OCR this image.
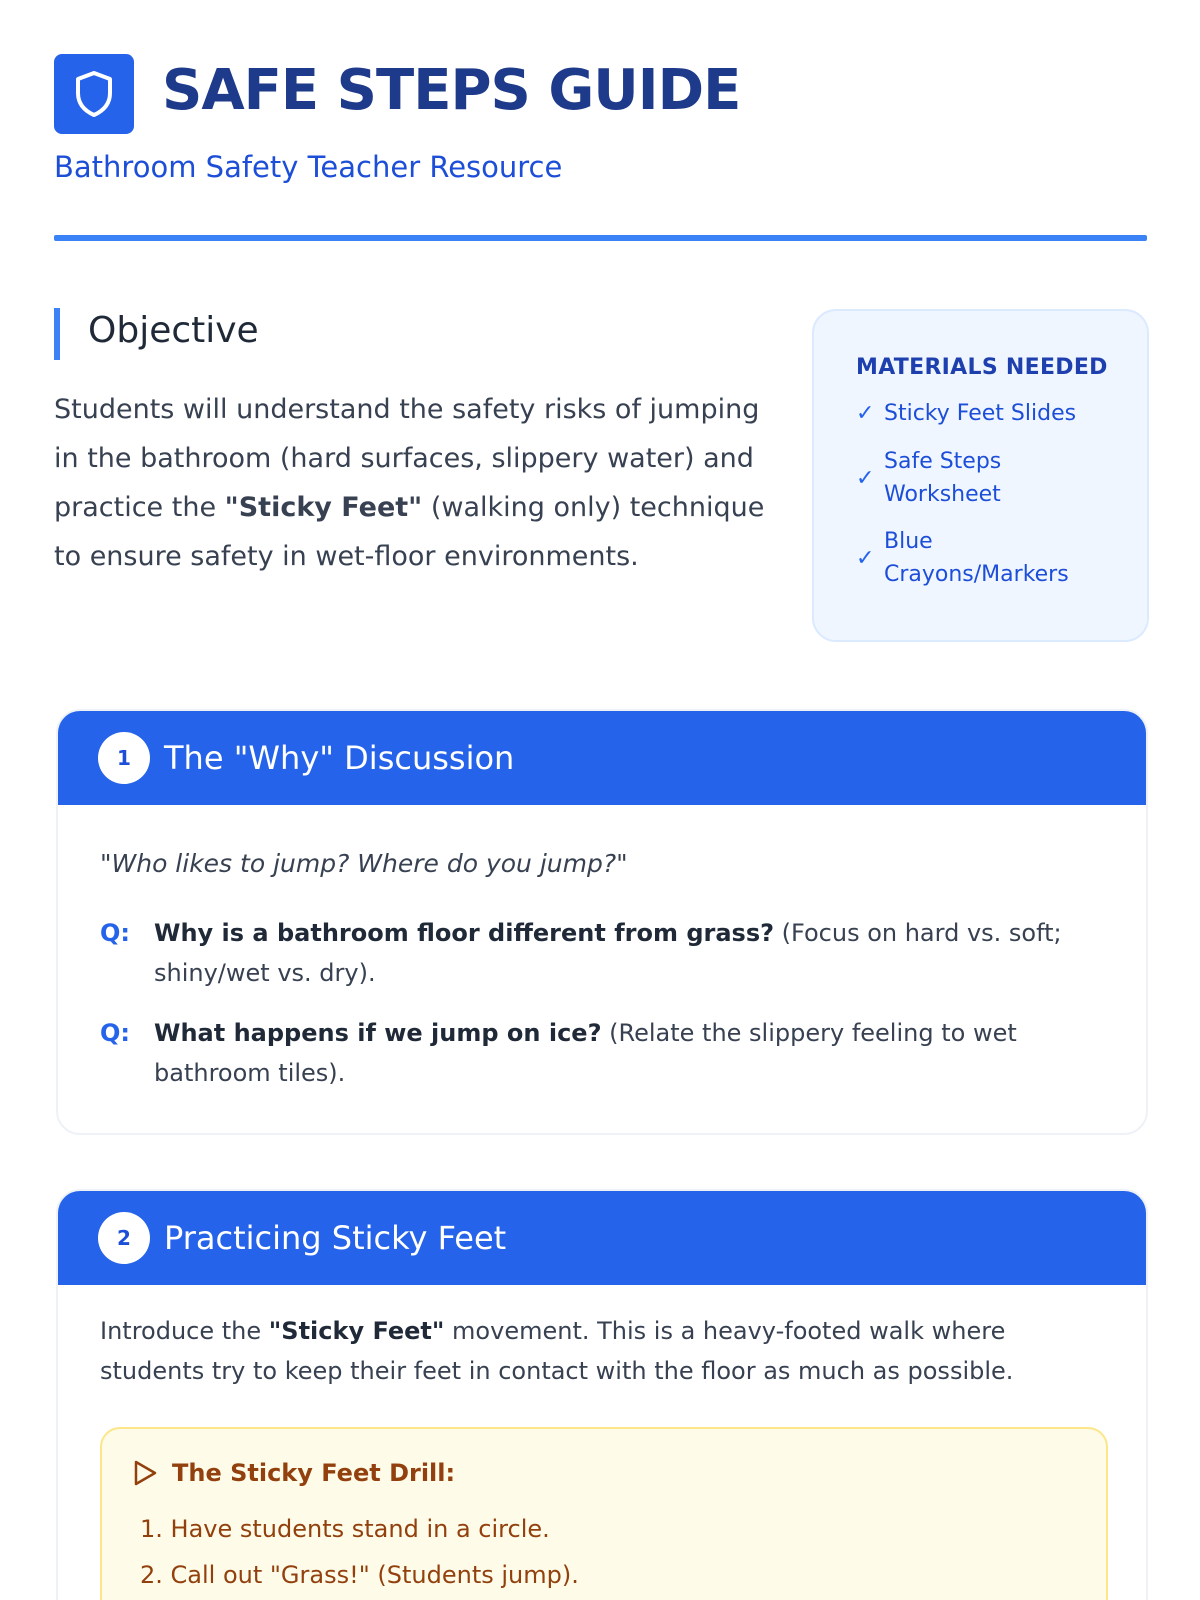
SAFE STEPS GUIDE
Bathroom Safety Teacher Resource
Objective
Students will understand the safety risks of jumping in the bathroom (hard surfaces, slippery water) and practice the "Sticky Feet" (walking only) technique to ensure safety in wet-floor environments.
MATERIALS NEEDED
✓ Sticky Feet Slides
✓
Safe Steps Worksheet
✓
Blue Crayons/Markers
1	The "Why" Discussion
"Who likes to jump? Where do you jump?"
Q: Why is a bathroom floor different from grass? (Focus on hard vs. soft; shiny/wet vs. dry).
Q: What happens if we jump on ice? (Relate the slippery feeling to wet bathroom tiles).
2	Practicing Sticky Feet
Introduce the "Sticky Feet" movement. This is a heavy-footed walk where students try to keep their feet in contact with the floor as much as possible.
The Sticky Feet Drill:
1. Have students stand in a circle.
2. Call out "Grass!" (Students jump).
